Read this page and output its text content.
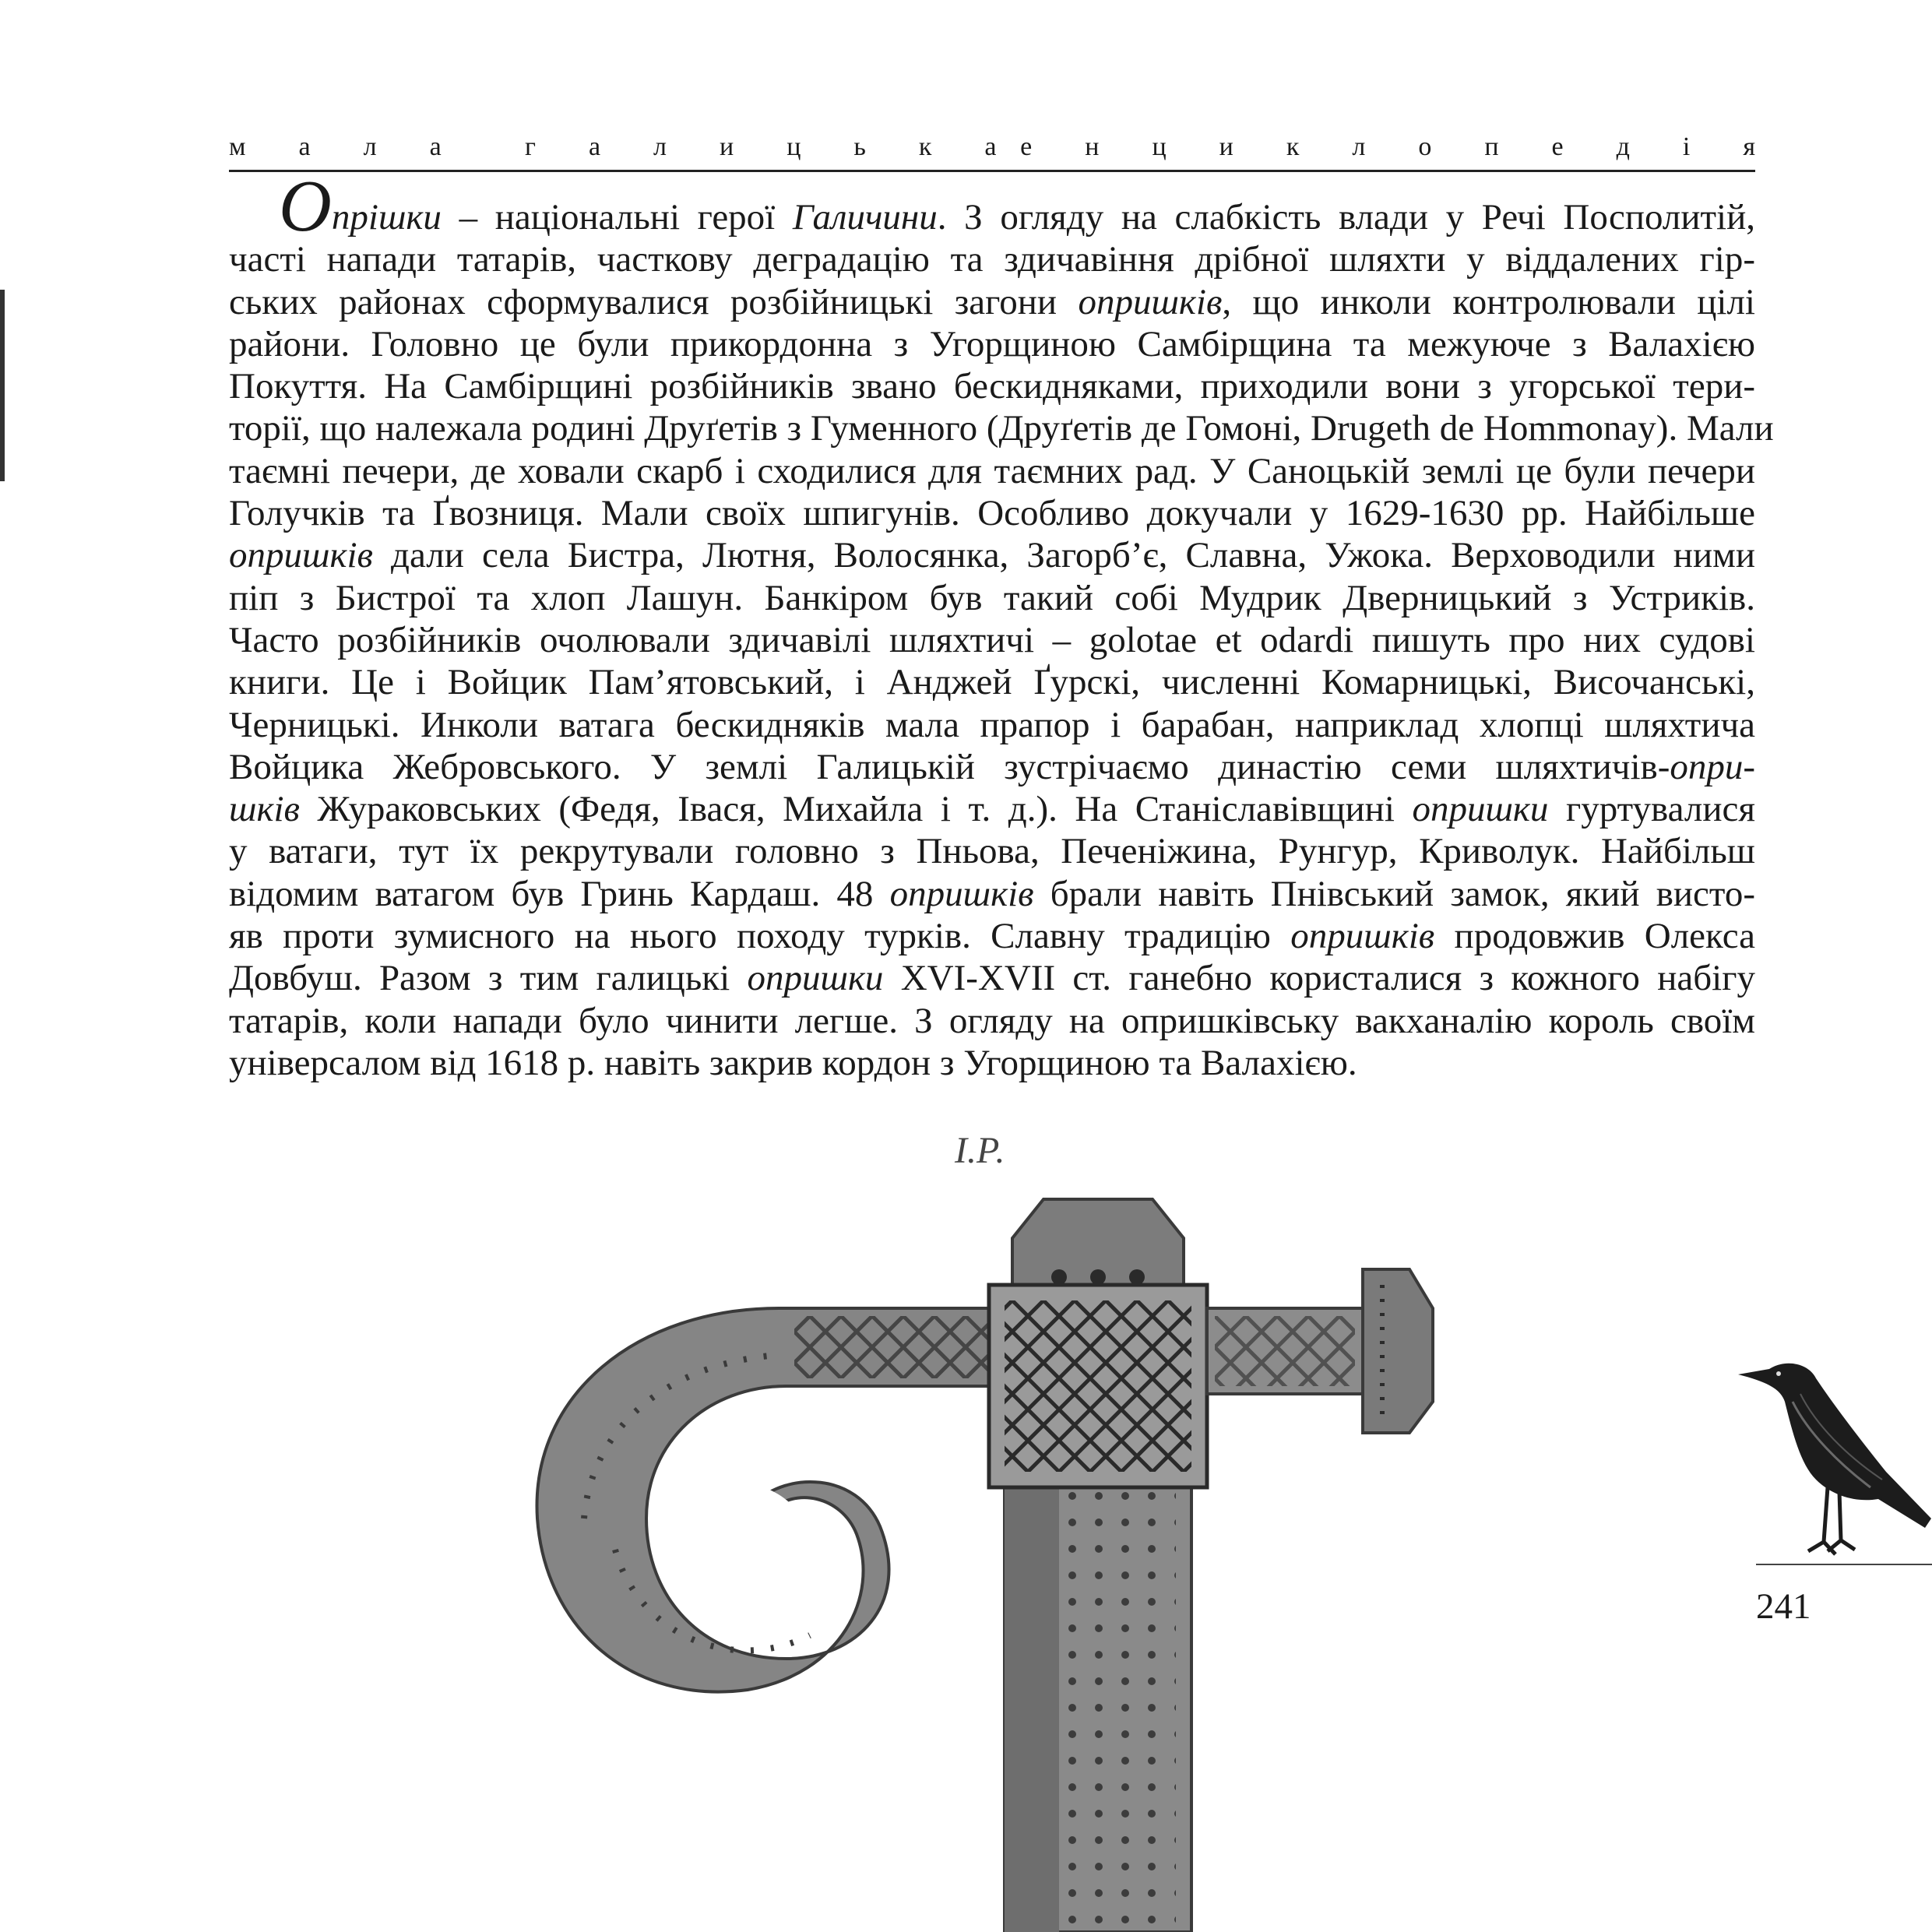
м  а  л  а	г  а  л  и  ц  ь  к  а е  н  ц  и  к  л  о  п  е  д  і  я
Опрішки – національні герої Галичини. З огляду на слабкість влади у Речі Посполитій,
часті напади татарів, часткову деградацію та здичавіння дрібної шляхти у віддалених гір-
ських районах сформувалися розбійницькі загони опришків, що инколи контролювали цілі
райони. Головно це були прикордонна з Угорщиною Самбірщина та межуюче з Валахією
Покуття. На Самбірщині розбійників звано бескидняками, приходили вони з угорської тери-
торії, що належала родині Друґетів з Гуменного (Друґетів де Гомоні, Drugeth de Hommonay). Мали
таємні печери, де ховали скарб і сходилися для таємних рад. У Саноцькій землі це були печери
Голучків та Ґвозниця. Мали своїх шпигунів. Особливо докучали у 1629-1630 рр. Найбільше
опришків дали села Бистра, Лютня, Волосянка, Загорб’є, Славна, Ужока. Верховодили ними
піп з Бистрої та хлоп Лашун. Банкіром був такий собі Мудрик Дверницький з Устриків.
Часто розбійників очолювали здичавілі шляхтичі – golotae et odardi пишуть про них судові
книги. Це і Войцик Пам’ятовський, і Анджей Ґурскі, численні Комарницькі, Височанські,
Черницькі. Инколи ватага бескидняків мала прапор і барабан, наприклад хлопці шляхтича
Войцика Жебровського. У землі Галицькій зустрічаємо династію семи шляхтичів-опри-
шків Жураковських (Федя, Івася, Михайла і т. д.). На Станіславівщині опришки гуртувалися
у ватаги, тут їх рекрутували головно з Пньова, Печеніжина, Рунгур, Криволук. Найбільш
відомим ватагом був Гринь Кардаш. 48 опришків брали навіть Пнівський замок, який висто-
яв проти зумисного на нього походу турків. Славну традицію опришків продовжив Олекса
Довбуш. Разом з тим галицькі опришки XVI-XVII ст. ганебно користалися з кожного набігу
татарів, коли напади було чинити легше. З огляду на опришківську вакханалію король своїм
універсалом від 1618 р. навіть закрив кордон з Угорщиною та Валахією.
І.Р.
241
